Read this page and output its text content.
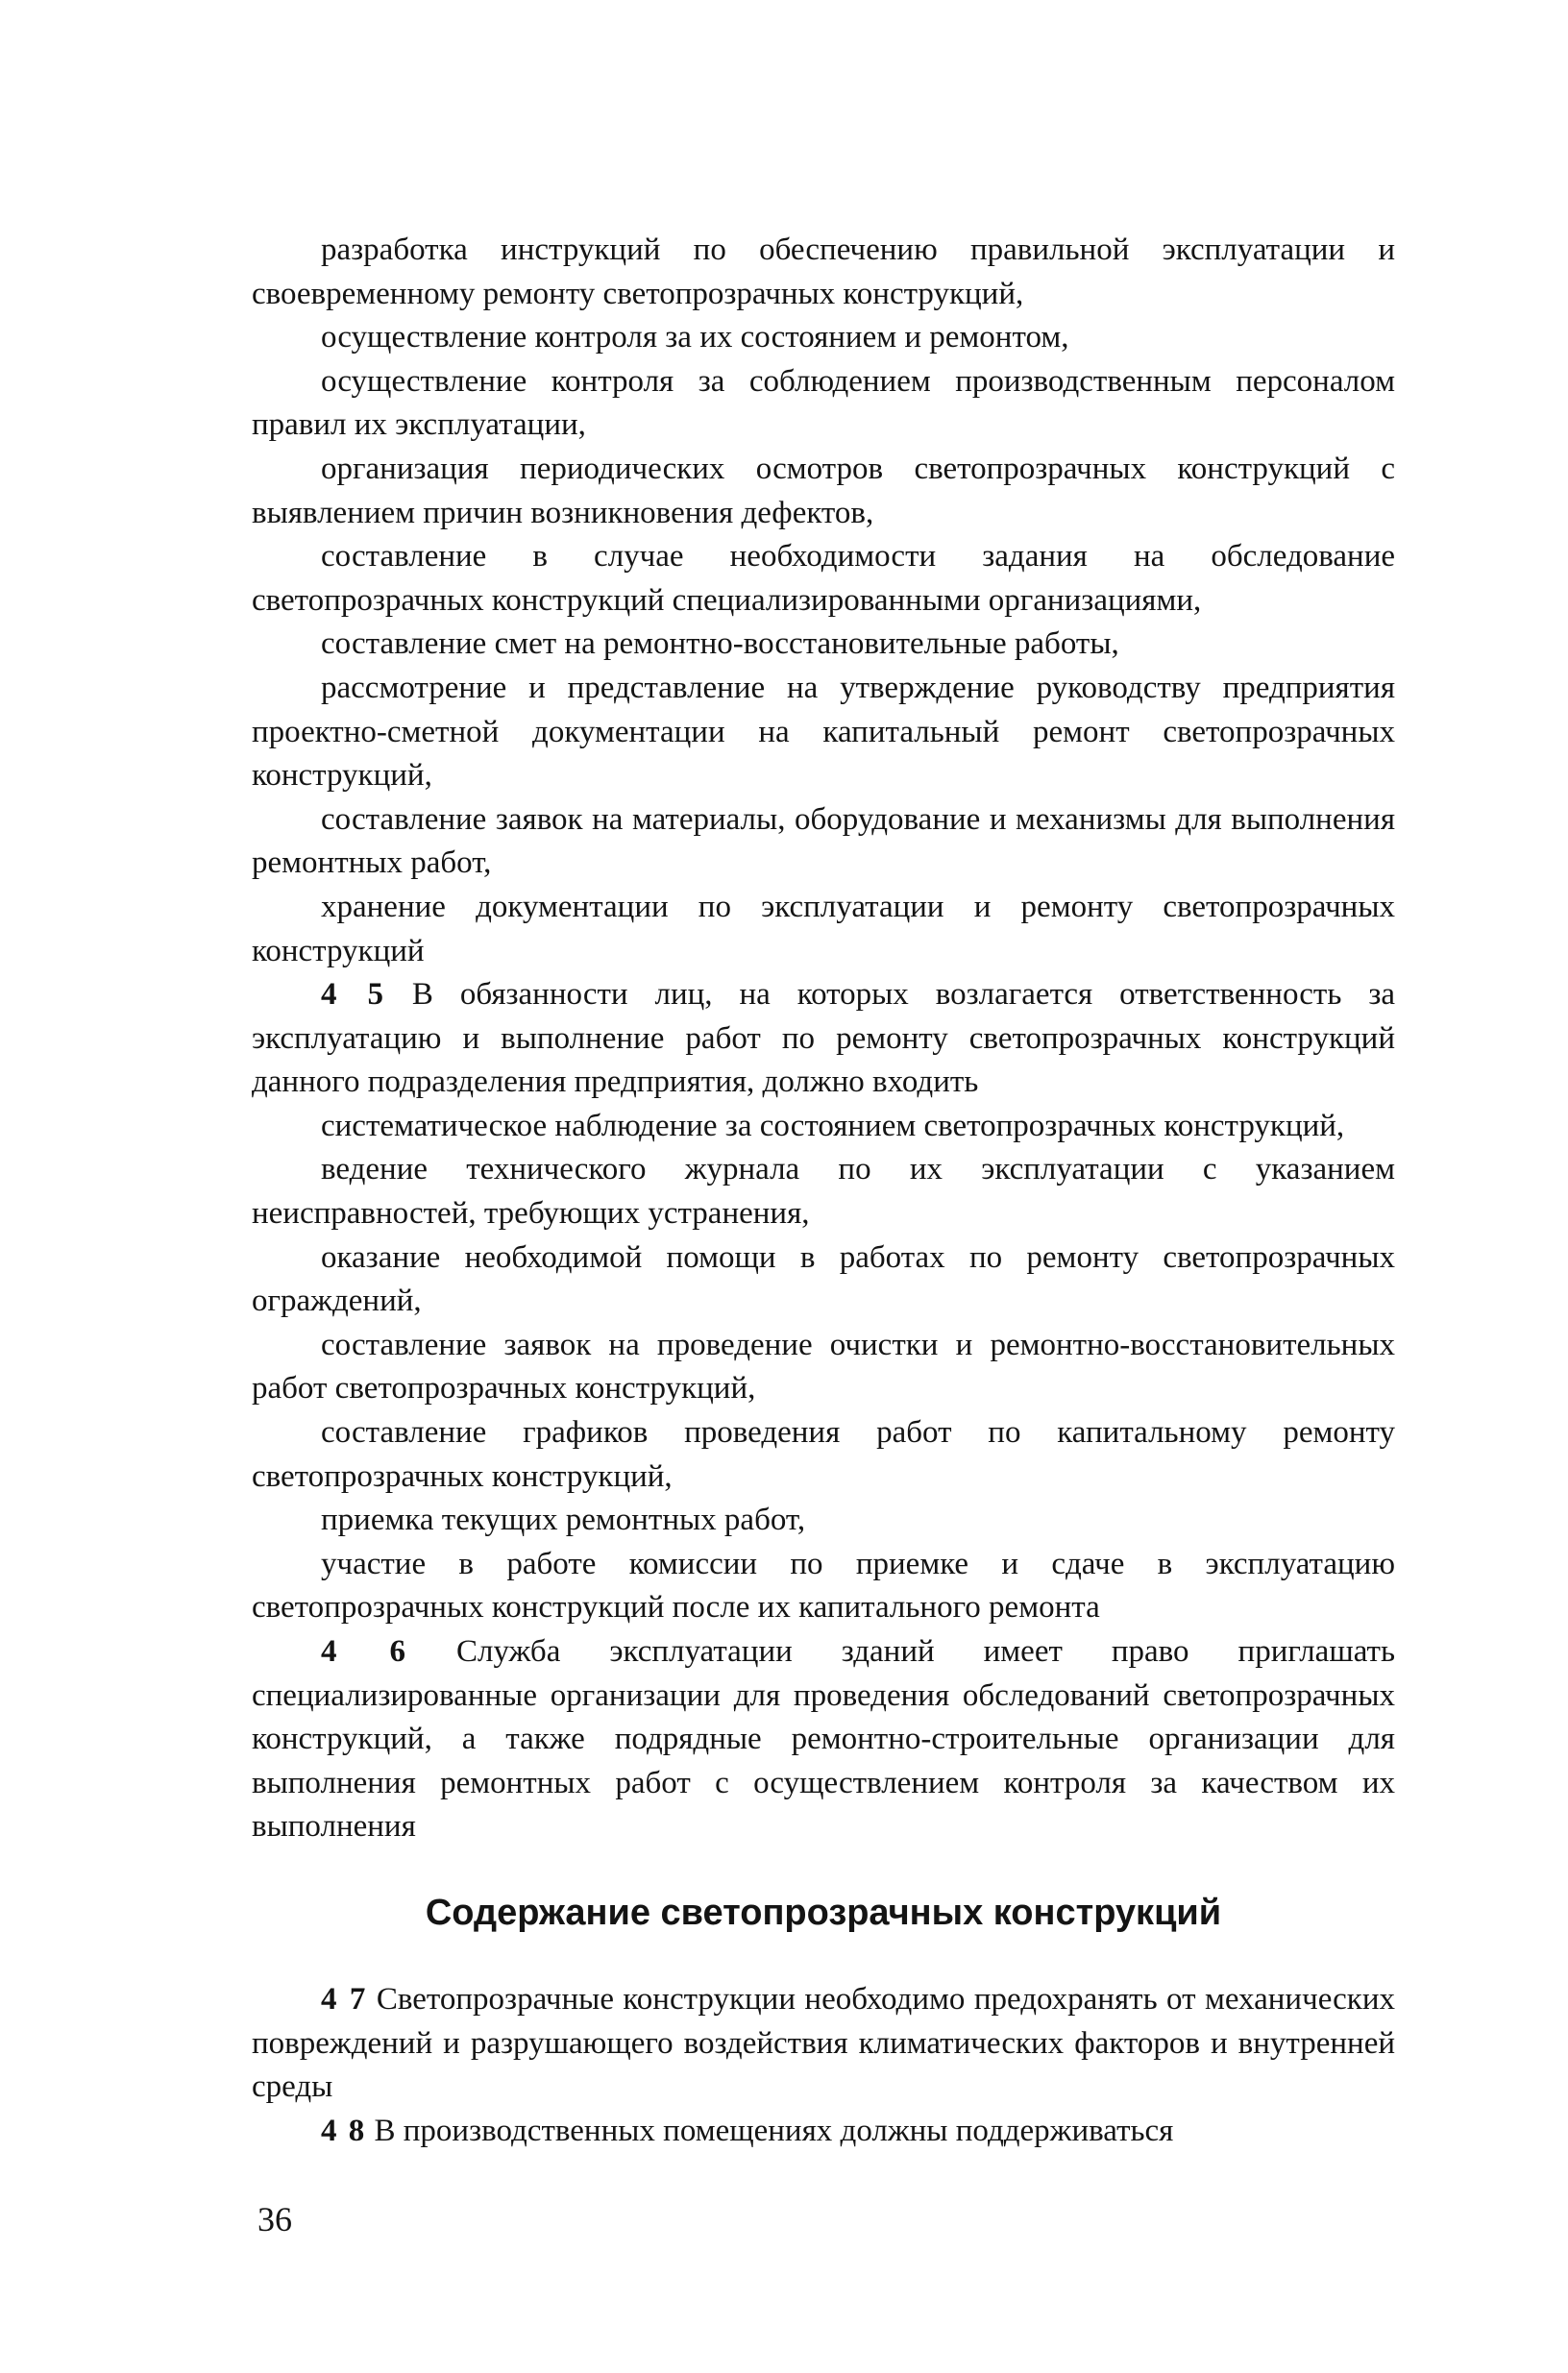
разработка инструкций по обеспечению правильной эксплуатации и своевременному ремонту светопрозрачных конструкций,

осуществление контроля за их состоянием и ремонтом,

осуществление контроля за соблюдением производственным персоналом правил их эксплуатации,

организация периодических осмотров светопрозрачных конструкций с выявлением причин возникновения дефектов,

составление в случае необходимости задания на обследование светопрозрачных конструкций специализированными организациями,

составление смет на ремонтно-восстановительные работы,

рассмотрение и представление на утверждение руководству предприятия проектно-сметной документации на капитальный ремонт светопрозрачных конструкций,

составление заявок на материалы, оборудование и механизмы для выполнения ремонтных работ,

хранение документации по эксплуатации и ремонту светопрозрачных конструкций

4 5 В обязанности лиц, на которых возлагается ответственность за эксплуатацию и выполнение работ по ремонту светопрозрачных конструкций данного подразделения предприятия, должно входить

систематическое наблюдение за состоянием светопрозрачных конструкций,

ведение технического журнала по их эксплуатации с указанием неисправностей, требующих устранения,

оказание необходимой помощи в работах по ремонту светопрозрачных ограждений,

составление заявок на проведение очистки и ремонтно-восстановительных работ светопрозрачных конструкций,

составление графиков проведения работ по капитальному ремонту светопрозрачных конструкций,

приемка текущих ремонтных работ,

участие в работе комиссии по приемке и сдаче в эксплуатацию светопрозрачных конструкций после их капитального ремонта

4 6 Служба эксплуатации зданий имеет право приглашать специализированные организации для проведения обследований светопрозрачных конструкций, а также подрядные ремонтно-строительные организации для выполнения ремонтных работ с осуществлением контроля за качеством их выполнения

Содержание светопрозрачных конструкций

4 7 Светопрозрачные конструкции необходимо предохранять от механических повреждений и разрушающего воздействия климатических факторов и внутренней среды

4 8 В производственных помещениях должны поддерживаться

36
